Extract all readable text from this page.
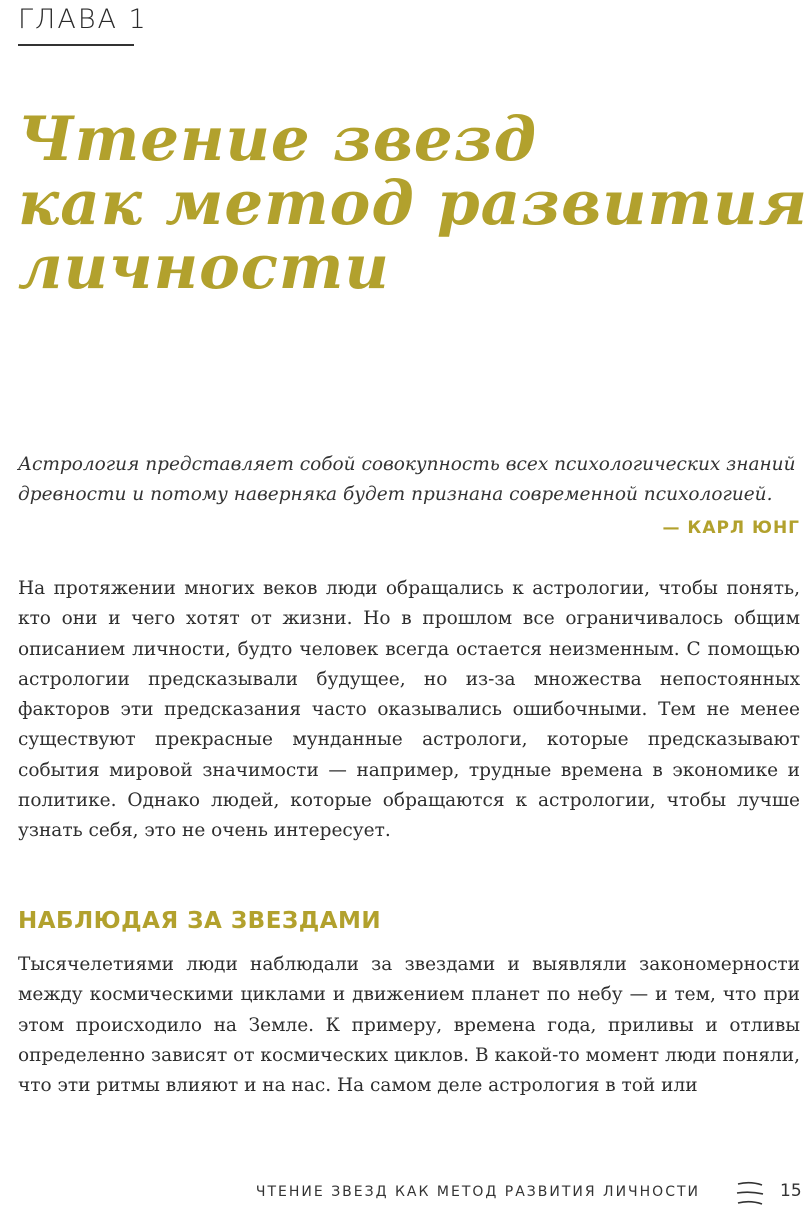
ГЛАВА 1
Чтение звезд
как метод развития
личности
Астрология представляет собой совокупность всех психологических знаний древности и потому наверняка будет признана современной психологией.
— КАРЛ ЮНГ
На протяжении многих веков люди обращались к астрологии, чтобы понять, кто они и чего хотят от жизни. Но в прошлом все ограничивалось общим описанием личности, будто человек всегда остается неизменным. С помощью астрологии предсказывали будущее, но из-за множества непостоянных факторов эти предсказания часто оказывались ошибочными. Тем не менее существуют прекрасные мунданные астрологи, которые предсказывают события мировой значимости — например, трудные времена в экономике и политике. Однако людей, которые обращаются к астрологии, чтобы лучше узнать себя, это не очень интересует.
НАБЛЮДАЯ ЗА ЗВЕЗДАМИ
Тысячелетиями люди наблюдали за звездами и выявляли закономерности между космическими циклами и движением планет по небу — и тем, что при этом происходило на Земле. К примеру, времена года, приливы и отливы определенно зависят от космических циклов. В какой-то момент люди поняли, что эти ритмы влияют и на нас. На самом деле астрология в той или
ЧТЕНИЕ ЗВЕЗД КАК МЕТОД РАЗВИТИЯ ЛИЧНОСТИ	15
